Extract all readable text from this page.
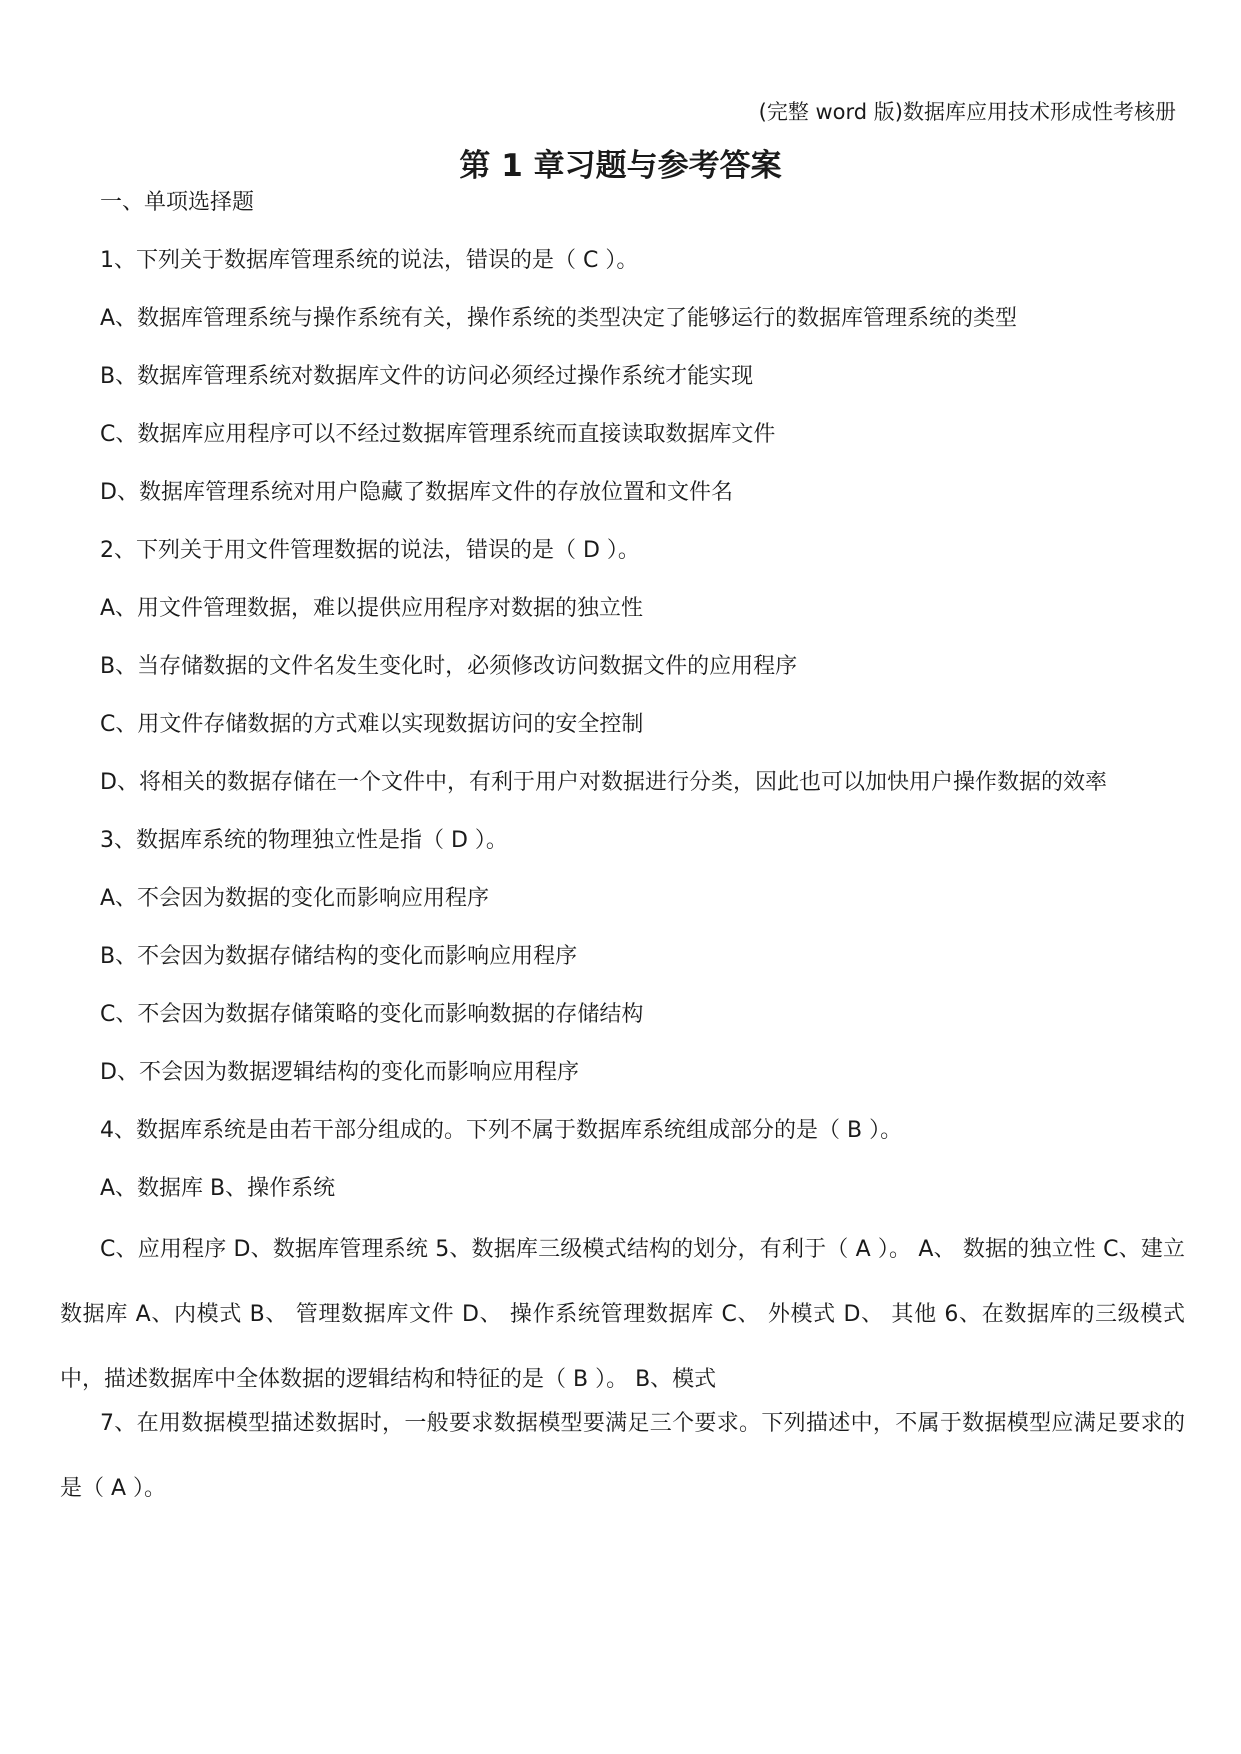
(完整 word 版)数据库应用技术形成性考核册
第 1 章习题与参考答案
一、单项选择题
1、下列关于数据库管理系统的说法，错误的是（ C ）。
A、数据库管理系统与操作系统有关，操作系统的类型决定了能够运行的数据库管理系统的类型
B、数据库管理系统对数据库文件的访问必须经过操作系统才能实现
C、数据库应用程序可以不经过数据库管理系统而直接读取数据库文件
D、数据库管理系统对用户隐藏了数据库文件的存放位置和文件名
2、下列关于用文件管理数据的说法，错误的是（ D ）。
A、用文件管理数据，难以提供应用程序对数据的独立性
B、当存储数据的文件名发生变化时，必须修改访问数据文件的应用程序
C、用文件存储数据的方式难以实现数据访问的安全控制
D、将相关的数据存储在一个文件中，有利于用户对数据进行分类，因此也可以加快用户操作数据的效率
3、数据库系统的物理独立性是指（ D ）。
A、不会因为数据的变化而影响应用程序
B、不会因为数据存储结构的变化而影响应用程序
C、不会因为数据存储策略的变化而影响数据的存储结构
D、不会因为数据逻辑结构的变化而影响应用程序
4、数据库系统是由若干部分组成的。下列不属于数据库系统组成部分的是（ B ）。
A、数据库 B、操作系统
C、应用程序 D、数据库管理系统 5、数据库三级模式结构的划分，有利于（ A ）。 A、 数据的独立性 C、建立数据库 A、内模式 B、 管理数据库文件 D、 操作系统管理数据库 C、 外模式 D、 其他 6、在数据库的三级模式中，描述数据库中全体数据的逻辑结构和特征的是（ B ）。 B、模式
7、在用数据模型描述数据时，一般要求数据模型要满足三个要求。下列描述中，不属于数据模型应满足要求的是（ A ）。
